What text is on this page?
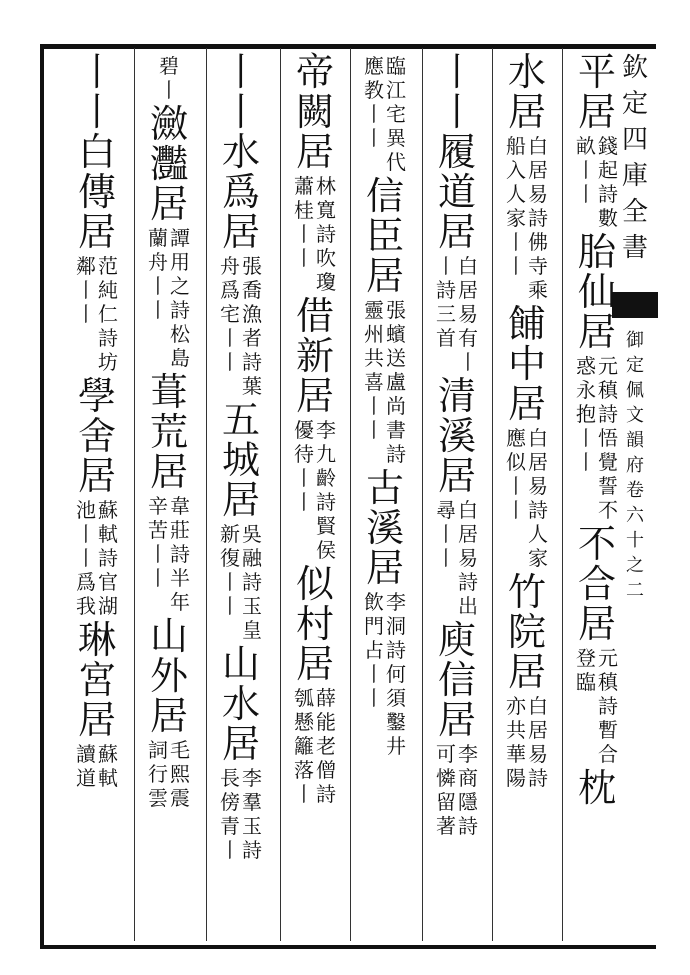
欽
定
四
庫
全
書
御
定
佩
文
韻
府
卷
六
十
之
二
平
居
錢
起
詩
數
畝
丨
丨
胎
仙
居
元
稹
詩
悟
覺
誓
不
惑
永
抱
丨
丨
不
合
居
元
稹
詩
暫
合
登
臨
枕
水
居
白
居
易
詩
佛
寺
乘
船
入
人
家
丨
丨
餔
中
居
白
居
易
詩
人
家
應
似
丨
丨
竹
院
居
白
居
易
詩
亦
共
華
陽
丨
丨
履
道
居
白
居
易
有
丨
丨
詩
三
首
清
溪
居
白
居
易
詩
出
尋
丨
丨
庾
信
居
李
商
隱
詩
可
憐
留
著
臨
江
宅
異
代
應
教
丨
丨
信
臣
居
張
蠙
送
盧
尚
書
詩
靈
州
共
喜
丨
丨
古
溪
居
李
洞
詩
何
須
鑿
井
飲
門
占
丨
丨
帝
闕
居
林
寬
詩
吹
瓊
蕭
桂
丨
丨
借
新
居
李
九
齡
詩
賢
侯
優
待
丨
丨
似
村
居
薛
能
老
僧
詩
瓠
懸
籬
落
丨
丨
丨
水
爲
居
張
喬
漁
者
詩
葉
舟
爲
宅
丨
丨
五
城
居
吳
融
詩
玉
皇
新
復
丨
丨
山
水
居
李
羣
玉
詩
長
傍
青
丨
碧
丨
瀲
灩
居
譚
用
之
詩
松
島
蘭
舟
丨
丨
葺
荒
居
韋
莊
詩
半
年
辛
苦
丨
丨
山
外
居
毛
熙
震
詞
行
雲
丨
丨
白
傳
居
范
純
仁
詩
坊
鄰
丨
丨
學
舍
居
蘇
軾
詩
官
湖
池
丨
丨
爲
我
琳
宮
居
蘇
軾
讀
道
